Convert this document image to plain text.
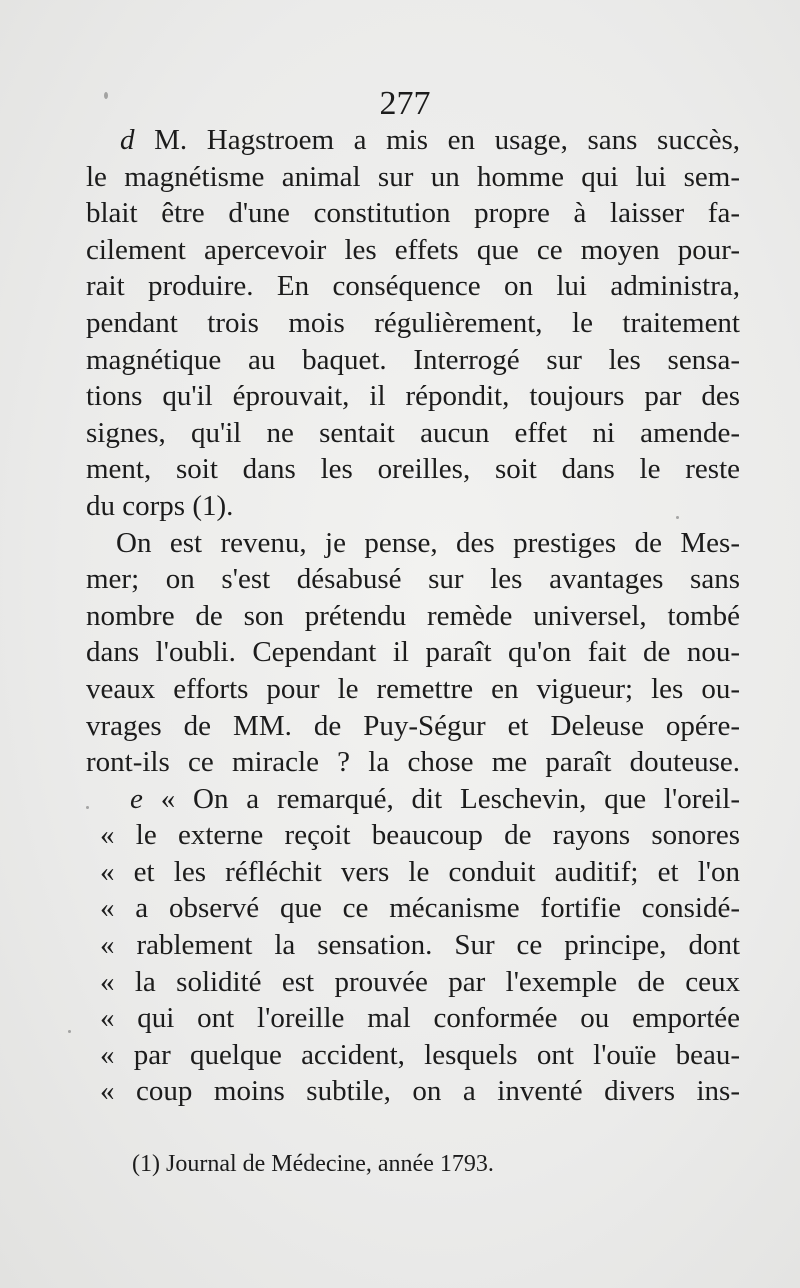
277
d M. Hagstroem a mis en usage, sans succès,
le magnétisme animal sur un homme qui lui sem-
blait être d'une constitution propre à laisser fa-
cilement apercevoir les effets que ce moyen pour-
rait produire. En conséquence on lui administra,
pendant trois mois régulièrement, le traitement
magnétique au baquet. Interrogé sur les sensa-
tions qu'il éprouvait, il répondit, toujours par des
signes, qu'il ne sentait aucun effet ni amende-
ment, soit dans les oreilles, soit dans le reste
du corps (1).
On est revenu, je pense, des prestiges de Mes-
mer; on s'est désabusé sur les avantages sans
nombre de son prétendu remède universel, tombé
dans l'oubli. Cependant il paraît qu'on fait de nou-
veaux efforts pour le remettre en vigueur; les ou-
vrages de MM. de Puy-Ségur et Deleuse opére-
ront-ils ce miracle ? la chose me paraît douteuse.
e « On a remarqué, dit Leschevin, que l'oreil-
« le externe reçoit beaucoup de rayons sonores
« et les réfléchit vers le conduit auditif; et l'on
« a observé que ce mécanisme fortifie considé-
« rablement la sensation. Sur ce principe, dont
« la solidité est prouvée par l'exemple de ceux
« qui ont l'oreille mal conformée ou emportée
« par quelque accident, lesquels ont l'ouïe beau-
« coup moins subtile, on a inventé divers ins-
(1) Journal de Médecine, année 1793.
